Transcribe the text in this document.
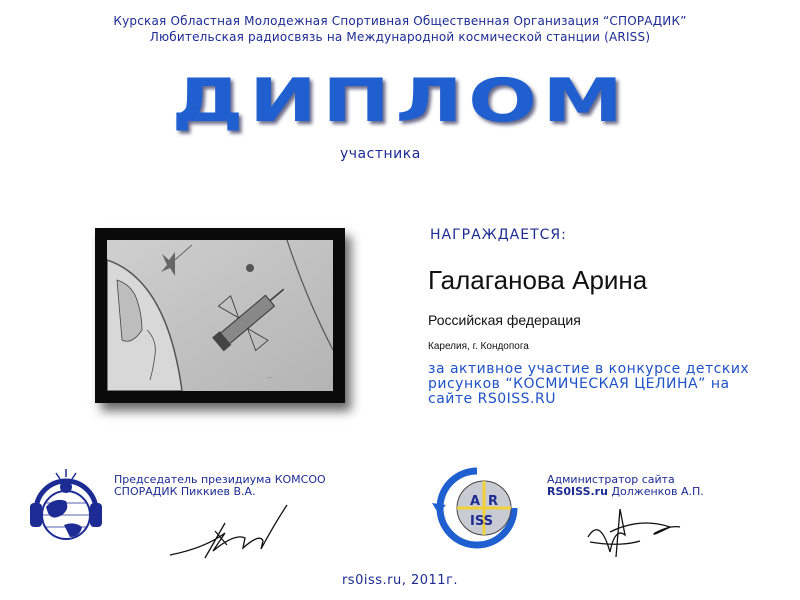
Курская Областная Молодежная Спортивная Общественная Организация “СПОРАДИК”
Любительская радиосвязь на Международной космической станции (ARISS)
ДИПЛОМ
участника
…
НАГРАЖДАЕТСЯ:
Галаганова Арина
Российская федерация
Карелия, г. Кондопога
за активное участие в конкурсе детских рисунков “КОСМИЧЕСКАЯ ЦЕЛИНА” на сайте RS0ISS.RU
Председатель президиума КОМСОО
СПОРАДИК Пиккиев В.А.
A R
ISS
Администратор сайта
RS0ISS.ru Долженков А.П.
rs0iss.ru, 2011г.
